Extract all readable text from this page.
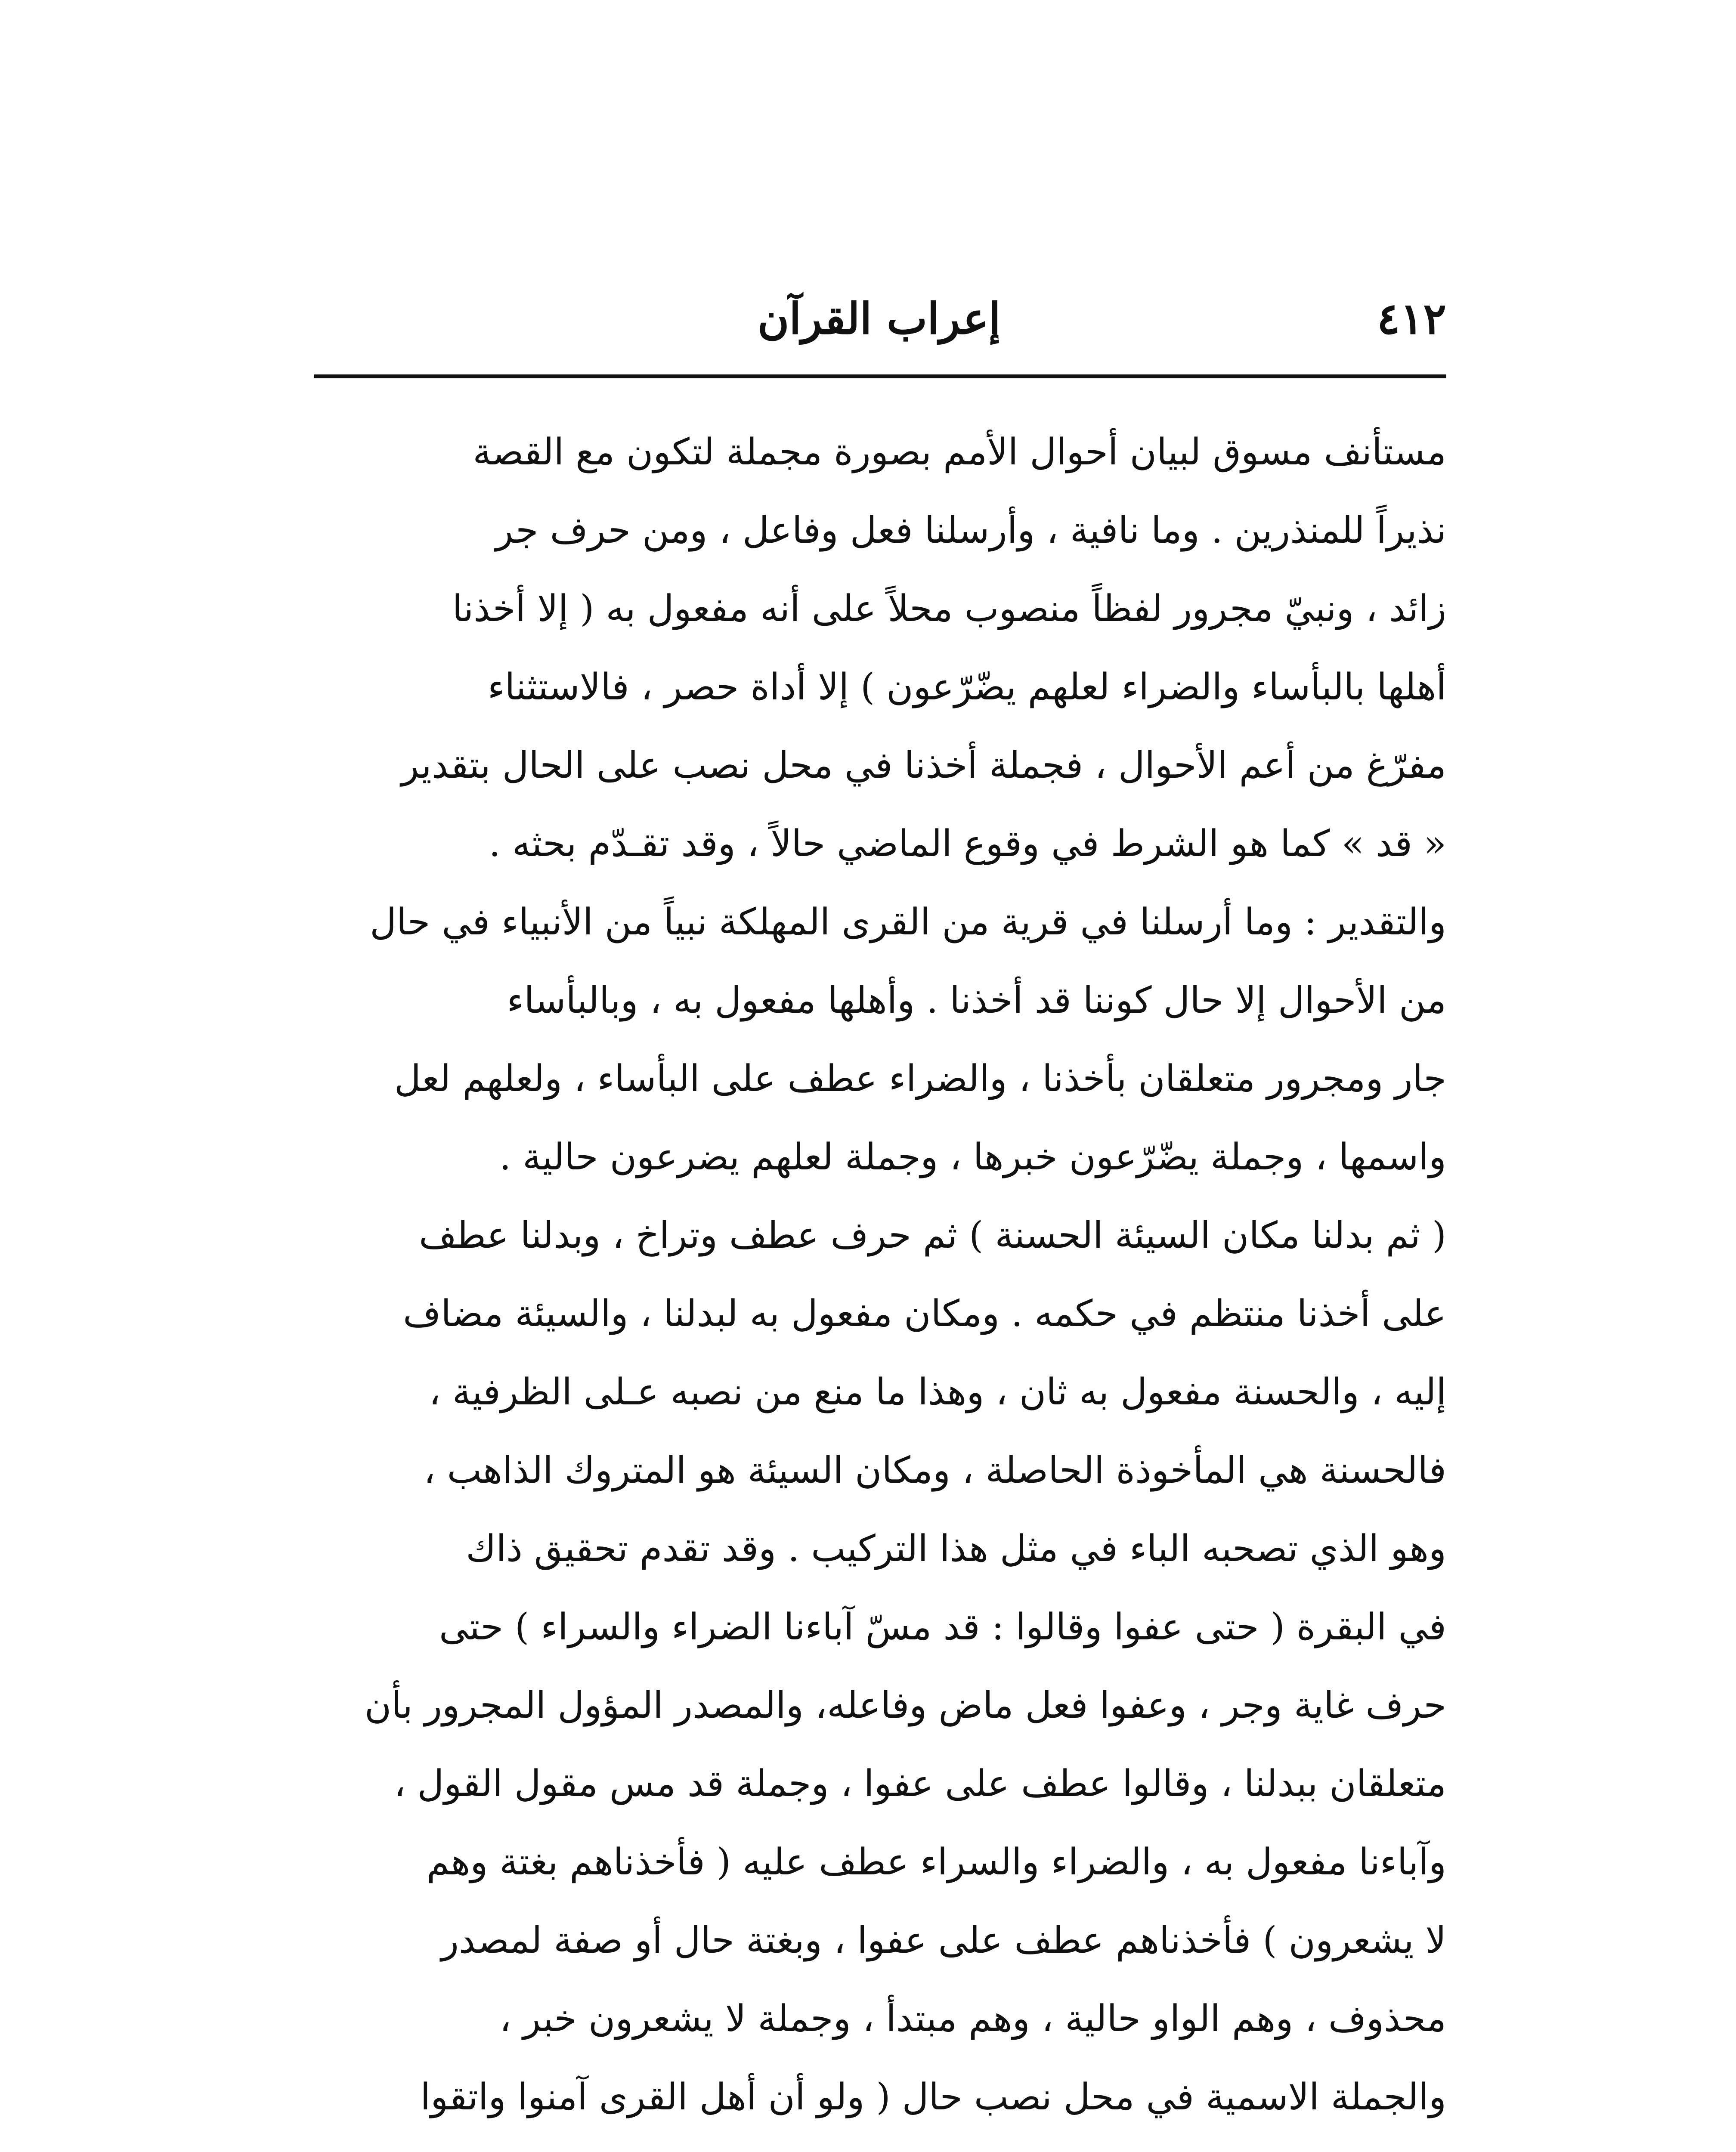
٤١٢
إعراب القرآن
مستأنف مسوق لبيان أحوال الأمم بصورة مجملة لتكون مع القصة
نذيراً للمنذرين . وما نافية ، وأرسلنا فعل وفاعل ، ومن حرف جر
زائد ، ونبيّ مجرور لفظاً منصوب محلاً على أنه مفعول به ( إلا أخذنا
أهلها بالبأساء والضراء لعلهم يضّرّعون ) إلا أداة حصر ، فالاستثناء
مفرّغ من أعم الأحوال ، فجملة أخذنا في محل نصب على الحال بتقدير
« قد » كما هو الشرط في وقوع الماضي حالاً ، وقد تقـدّم بحثه .
والتقدير : وما أرسلنا في قرية من القرى المهلكة نبياً من الأنبياء في حال
من الأحوال إلا حال كوننا قد أخذنا . وأهلها مفعول به ، وبالبأساء
جار ومجرور متعلقان بأخذنا ، والضراء عطف على البأساء ، ولعلهم لعل
واسمها ، وجملة يضّرّعون خبرها ، وجملة لعلهم يضرعون حالية .
( ثم بدلنا مكان السيئة الحسنة ) ثم حرف عطف وتراخ ، وبدلنا عطف
على أخذنا منتظم في حكمه . ومكان مفعول به لبدلنا ، والسيئة مضاف
إليه ، والحسنة مفعول به ثان ، وهذا ما منع من نصبه عـلى الظرفية ،
فالحسنة هي المأخوذة الحاصلة ، ومكان السيئة هو المتروك الذاهب ،
وهو الذي تصحبه الباء في مثل هذا التركيب . وقد تقدم تحقيق ذاك
في البقرة ( حتى عفوا وقالوا : قد مسّ آباءنا الضراء والسراء ) حتى
حرف غاية وجر ، وعفوا فعل ماض وفاعله، والمصدر المؤول المجرور بأن
متعلقان ببدلنا ، وقالوا عطف على عفوا ، وجملة قد مس مقول القول ،
وآباءنا مفعول به ، والضراء والسراء عطف عليه ( فأخذناهم بغتة وهم
لا يشعرون ) فأخذناهم عطف على عفوا ، وبغتة حال أو صفة لمصدر
محذوف ، وهم الواو حالية ، وهم مبتدأ ، وجملة لا يشعرون خبر ،
والجملة الاسمية في محل نصب حال ( ولو أن أهل القرى آمنوا واتقوا
